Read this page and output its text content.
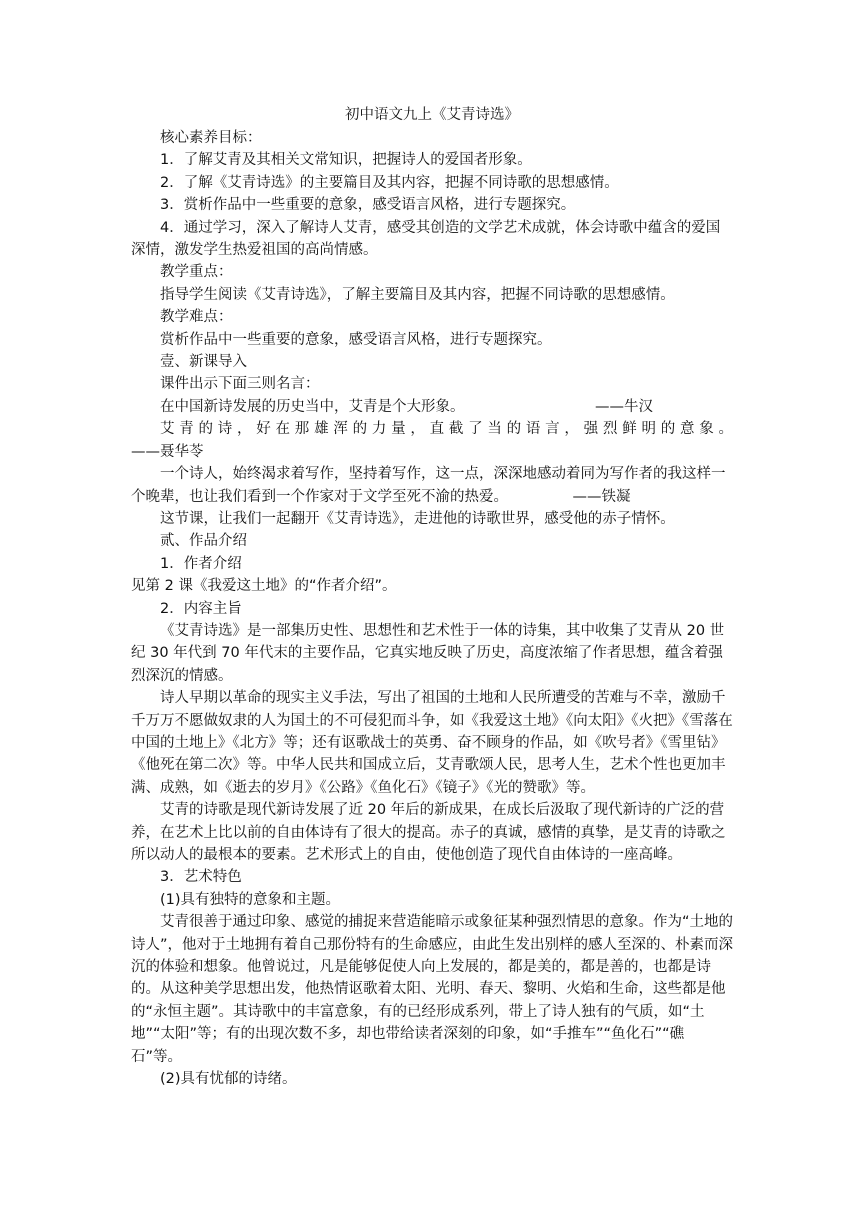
初中语文九上《艾青诗选》

核心素养目标：

1．了解艾青及其相关文常知识，把握诗人的爱国者形象。

2．了解《艾青诗选》的主要篇目及其内容，把握不同诗歌的思想感情。

3．赏析作品中一些重要的意象，感受语言风格，进行专题探究。

4．通过学习，深入了解诗人艾青，感受其创造的文学艺术成就，体会诗歌中蕴含的爱国深情，激发学生热爱祖国的高尚情感。

教学重点：

指导学生阅读《艾青诗选》，了解主要篇目及其内容，把握不同诗歌的思想感情。

教学难点：

赏析作品中一些重要的意象，感受语言风格，进行专题探究。

壹、新课导入

课件出示下面三则名言：

在中国新诗发展的历史当中，艾青是个大形象。	——牛汉
艾青的诗，好在那雄浑的力量，直截了当的语言，强烈鲜明的意象。
——聂华苓

一个诗人，始终渴求着写作，坚持着写作，这一点，深深地感动着同为写作者的我这样一个晚辈，也让我们看到一个作家对于文学至死不渝的热爱。	——铁凝

这节课，让我们一起翻开《艾青诗选》，走进他的诗歌世界，感受他的赤子情怀。

贰、作品介绍

1．作者介绍

见第 2 课《我爱这土地》的“作者介绍”。

2．内容主旨

《艾青诗选》是一部集历史性、思想性和艺术性于一体的诗集，其中收集了艾青从 20 世纪 30 年代到 70 年代末的主要作品，它真实地反映了历史，高度浓缩了作者思想，蕴含着强烈深沉的情感。

诗人早期以革命的现实主义手法，写出了祖国的土地和人民所遭受的苦难与不幸，激励千千万万不愿做奴隶的人为国土的不可侵犯而斗争，如《我爱这土地》《向太阳》《火把》《雪落在中国的土地上》《北方》等；还有讴歌战士的英勇、奋不顾身的作品，如《吹号者》《雪里钻》《他死在第二次》等。中华人民共和国成立后，艾青歌颂人民，思考人生，艺术个性也更加丰满、成熟，如《逝去的岁月》《公路》《鱼化石》《镜子》《光的赞歌》等。

艾青的诗歌是现代新诗发展了近 20 年后的新成果，在成长后汲取了现代新诗的广泛的营养，在艺术上比以前的自由体诗有了很大的提高。赤子的真诚，感情的真挚，是艾青的诗歌之所以动人的最根本的要素。艺术形式上的自由，使他创造了现代自由体诗的一座高峰。

3．艺术特色

(1)具有独特的意象和主题。

艾青很善于通过印象、感觉的捕捉来营造能暗示或象征某种强烈情思的意象。作为“土地的诗人”，他对于土地拥有着自己那份特有的生命感应，由此生发出别样的感人至深的、朴素而深沉的体验和想象。他曾说过，凡是能够促使人向上发展的，都是美的，都是善的，也都是诗的。从这种美学思想出发，他热情讴歌着太阳、光明、春天、黎明、火焰和生命，这些都是他的“永恒主题”。其诗歌中的丰富意象，有的已经形成系列，带上了诗人独有的气质，如“土地”“太阳”等；有的出现次数不多，却也带给读者深刻的印象，如“手推车”“鱼化石”“礁石”等。

(2)具有忧郁的诗绪。
